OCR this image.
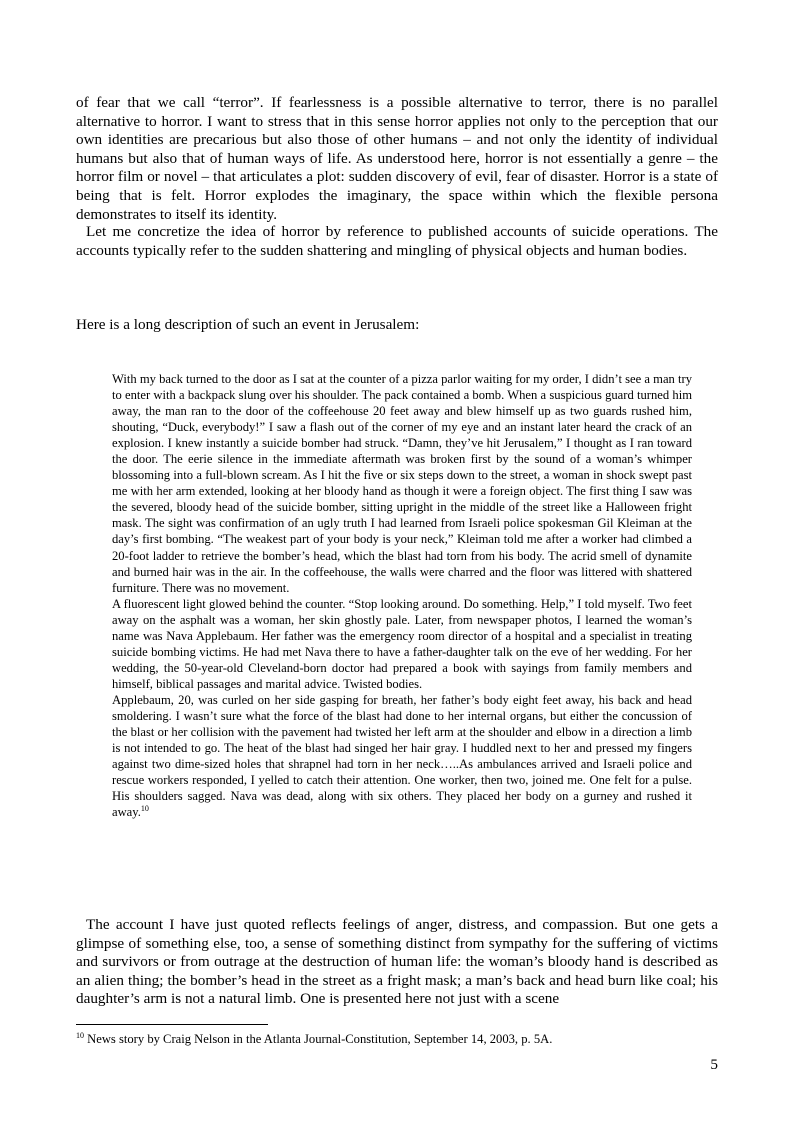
of fear that we call “terror”. If fearlessness is a possible alternative to terror, there is no parallel alternative to horror. I want to stress that in this sense horror applies not only to the perception that our own identities are precarious but also those of other humans – and not only the identity of individual humans but also that of human ways of life. As understood here, horror is not essentially a genre – the horror film or novel – that articulates a plot: sudden discovery of evil, fear of disaster. Horror is a state of being that is felt. Horror explodes the imaginary, the space within which the flexible persona demonstrates to itself its identity.

Let me concretize the idea of horror by reference to published accounts of suicide operations. The accounts typically refer to the sudden shattering and mingling of physical objects and human bodies.

Here is a long description of such an event in Jerusalem:

With my back turned to the door as I sat at the counter of a pizza parlor waiting for my order, I didn’t see a man try to enter with a backpack slung over his shoulder. The pack contained a bomb. When a suspicious guard turned him away, the man ran to the door of the coffeehouse 20 feet away and blew himself up as two guards rushed him, shouting, “Duck, everybody!” I saw a flash out of the corner of my eye and an instant later heard the crack of an explosion. I knew instantly a suicide bomber had struck. “Damn, they’ve hit Jerusalem,” I thought as I ran toward the door. The eerie silence in the immediate aftermath was broken first by the sound of a woman’s whimper blossoming into a full-blown scream. As I hit the five or six steps down to the street, a woman in shock swept past me with her arm extended, looking at her bloody hand as though it were a foreign object. The first thing I saw was the severed, bloody head of the suicide bomber, sitting upright in the middle of the street like a Halloween fright mask. The sight was confirmation of an ugly truth I had learned from Israeli police spokesman Gil Kleiman at the day’s first bombing. “The weakest part of your body is your neck,” Kleiman told me after a worker had climbed a 20-foot ladder to retrieve the bomber’s head, which the blast had torn from his body. The acrid smell of dynamite and burned hair was in the air. In the coffeehouse, the walls were charred and the floor was littered with shattered furniture. There was no movement.

A fluorescent light glowed behind the counter. “Stop looking around. Do something. Help,” I told myself. Two feet away on the asphalt was a woman, her skin ghostly pale. Later, from newspaper photos, I learned the woman’s name was Nava Applebaum. Her father was the emergency room director of a hospital and a specialist in treating suicide bombing victims. He had met Nava there to have a father-daughter talk on the eve of her wedding. For her wedding, the 50-year-old Cleveland-born doctor had prepared a book with sayings from family members and himself, biblical passages and marital advice. Twisted bodies.

Applebaum, 20, was curled on her side gasping for breath, her father’s body eight feet away, his back and head smoldering. I wasn’t sure what the force of the blast had done to her internal organs, but either the concussion of the blast or her collision with the pavement had twisted her left arm at the shoulder and elbow in a direction a limb is not intended to go. The heat of the blast had singed her hair gray. I huddled next to her and pressed my fingers against two dime-sized holes that shrapnel had torn in her neck…..As ambulances arrived and Israeli police and rescue workers responded, I yelled to catch their attention. One worker, then two, joined me. One felt for a pulse. His shoulders sagged. Nava was dead, along with six others. They placed her body on a gurney and rushed it away.$^{10}$

The account I have just quoted reflects feelings of anger, distress, and compassion. But one gets a glimpse of something else, too, a sense of something distinct from sympathy for the suffering of victims and survivors or from outrage at the destruction of human life: the woman’s bloody hand is described as an alien thing; the bomber’s head in the street as a fright mask; a man’s back and head burn like coal; his daughter’s arm is not a natural limb. One is presented here not just with a scene

$^{10}$ News story by Craig Nelson in the Atlanta Journal-Constitution, September 14, 2003, p. 5A.

5
